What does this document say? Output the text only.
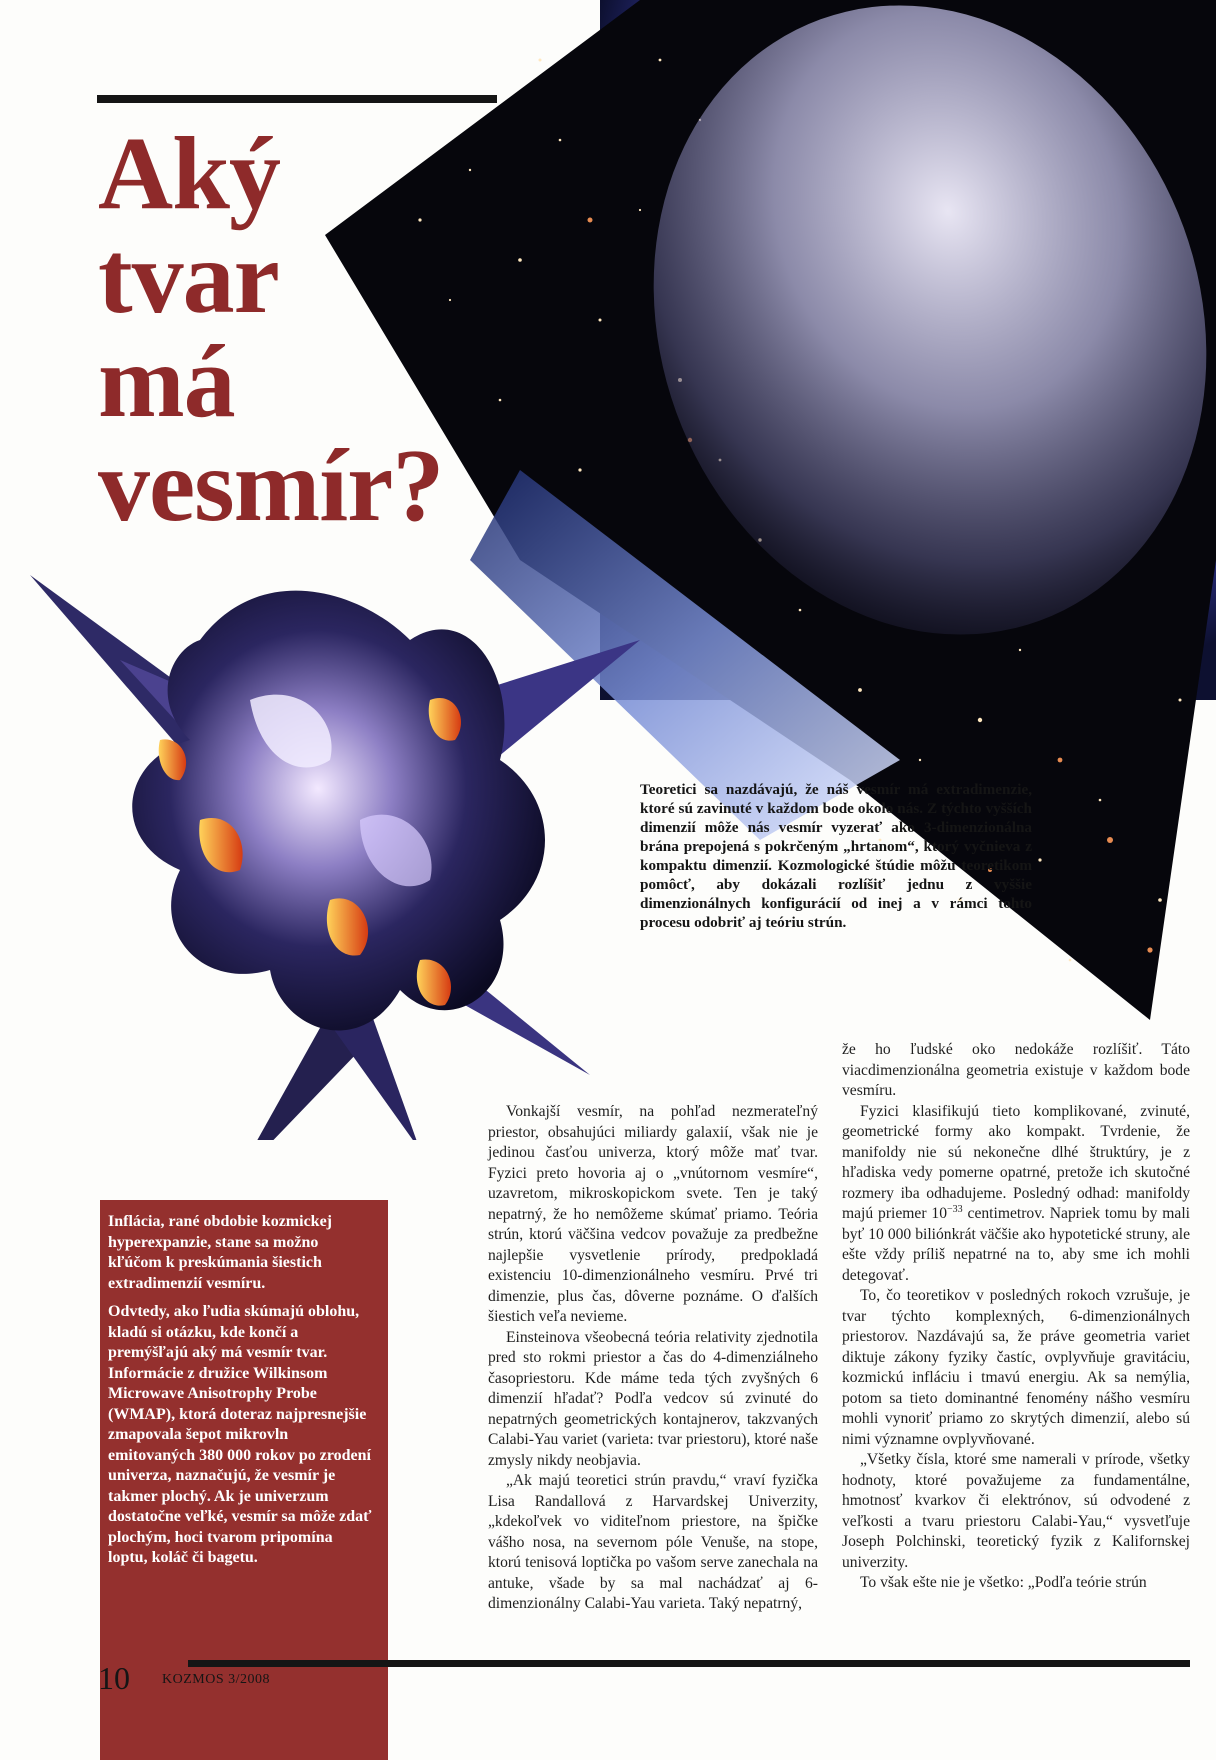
Aký
tvar
má
vesmír?
Teoretici sa nazdávajú, že náš vesmír má extradimenzie, ktoré sú zavinuté v každom bode okolo nás. Z týchto vyšších dimenzií môže nás vesmír vyzerať ako 3-dimenzionálna brána prepojená s pokrčeným „hrtanom“, ktorý vyčnieva z kompaktu dimenzií. Kozmologické štúdie môžu teoretikom pomôcť, aby dokázali rozlíšiť jednu z vyššie dimenzionálnych konfigurácií od inej a v rámci tohto procesu odobriť aj teóriu strún.

Inflácia, rané obdobie kozmickej hyperexpanzie, stane sa možno kľúčom k preskúmania šiestich extradimenzií vesmíru.

Odvtedy, ako ľudia skúmajú oblohu, kladú si otázku, kde končí a premýšľajú aký má vesmír tvar. Informácie z družice Wilkinsom Microwave Anisotrophy Probe (WMAP), ktorá doteraz najpresnejšie zmapovala šepot mikrovln emitovaných 380 000 rokov po zrodení univerza, naznačujú, že vesmír je takmer plochý. Ak je univerzum dostatočne veľké, vesmír sa môže zdať plochým, hoci tvarom pripomína loptu, koláč či bagetu.

Vonkajší vesmír, na pohľad nezmerateľný priestor, obsahujúci miliardy galaxií, však nie je jedinou časťou univerza, ktorý môže mať tvar. Fyzici preto hovoria aj o „vnútornom vesmíre“, uzavretom, mikroskopickom svete. Ten je taký nepatrný, že ho nemôžeme skúmať priamo. Teória strún, ktorú väčšina vedcov považuje za predbežne najlepšie vysvetlenie prírody, predpokladá existenciu 10-dimenzionálneho vesmíru. Prvé tri dimenzie, plus čas, dôverne poznáme. O ďalších šiestich veľa nevieme.

Einsteinova všeobecná teória relativity zjednotila pred sto rokmi priestor a čas do 4-dimenziálneho časopriestoru. Kde máme teda tých zvyšných 6 dimenzií hľadať? Podľa vedcov sú zvinuté do nepatrných geometrických kontajnerov, takzvaných Calabi-Yau variet (varieta: tvar priestoru), ktoré naše zmysly nikdy neobjavia.

„Ak majú teoretici strún pravdu,“ vraví fyzička Lisa Randallová z Harvardskej Univerzity, „kdekoľvek vo viditeľnom priestore, na špičke vášho nosa, na severnom póle Venuše, na stope, ktorú tenisová loptička po vašom serve zanechala na antuke, všade by sa mal nachádzať aj 6-dimenzionálny Calabi-Yau varieta. Taký nepatrný,

že ho ľudské oko nedokáže rozlíšiť. Táto viacdimenzionálna geometria existuje v každom bode vesmíru.

Fyzici klasifikujú tieto komplikované, zvinuté, geometrické formy ako kompakt. Tvrdenie, že manifoldy nie sú nekonečne dlhé štruktúry, je z hľadiska vedy pomerne opatrné, pretože ich skutočné rozmery iba odhadujeme. Posledný odhad: manifoldy majú priemer $10^{-33}$ centimetrov. Napriek tomu by mali byť 10 000 biliónkrát väčšie ako hypotetické struny, ale ešte vždy príliš nepatrné na to, aby sme ich mohli detegovať.

To, čo teoretikov v posledných rokoch vzrušuje, je tvar týchto komplexných, 6-dimenzionálnych priestorov. Nazdávajú sa, že práve geometria variet diktuje zákony fyziky častíc, ovplyvňuje gravitáciu, kozmickú infláciu i tmavú energiu. Ak sa nemýlia, potom sa tieto dominantné fenomény nášho vesmíru mohli vynoriť priamo zo skrytých dimenzií, alebo sú nimi významne ovplyvňované.

„Všetky čísla, ktoré sme namerali v prírode, všetky hodnoty, ktoré považujeme za fundamentálne, hmotnosť kvarkov či elektrónov, sú odvodené z veľkosti a tvaru priestoru Calabi-Yau,“ vysvetľuje Joseph Polchinski, teoretický fyzik z Kalifornskej univerzity.

To však ešte nie je všetko: „Podľa teórie strún

10 KOZMOS 3/2008
